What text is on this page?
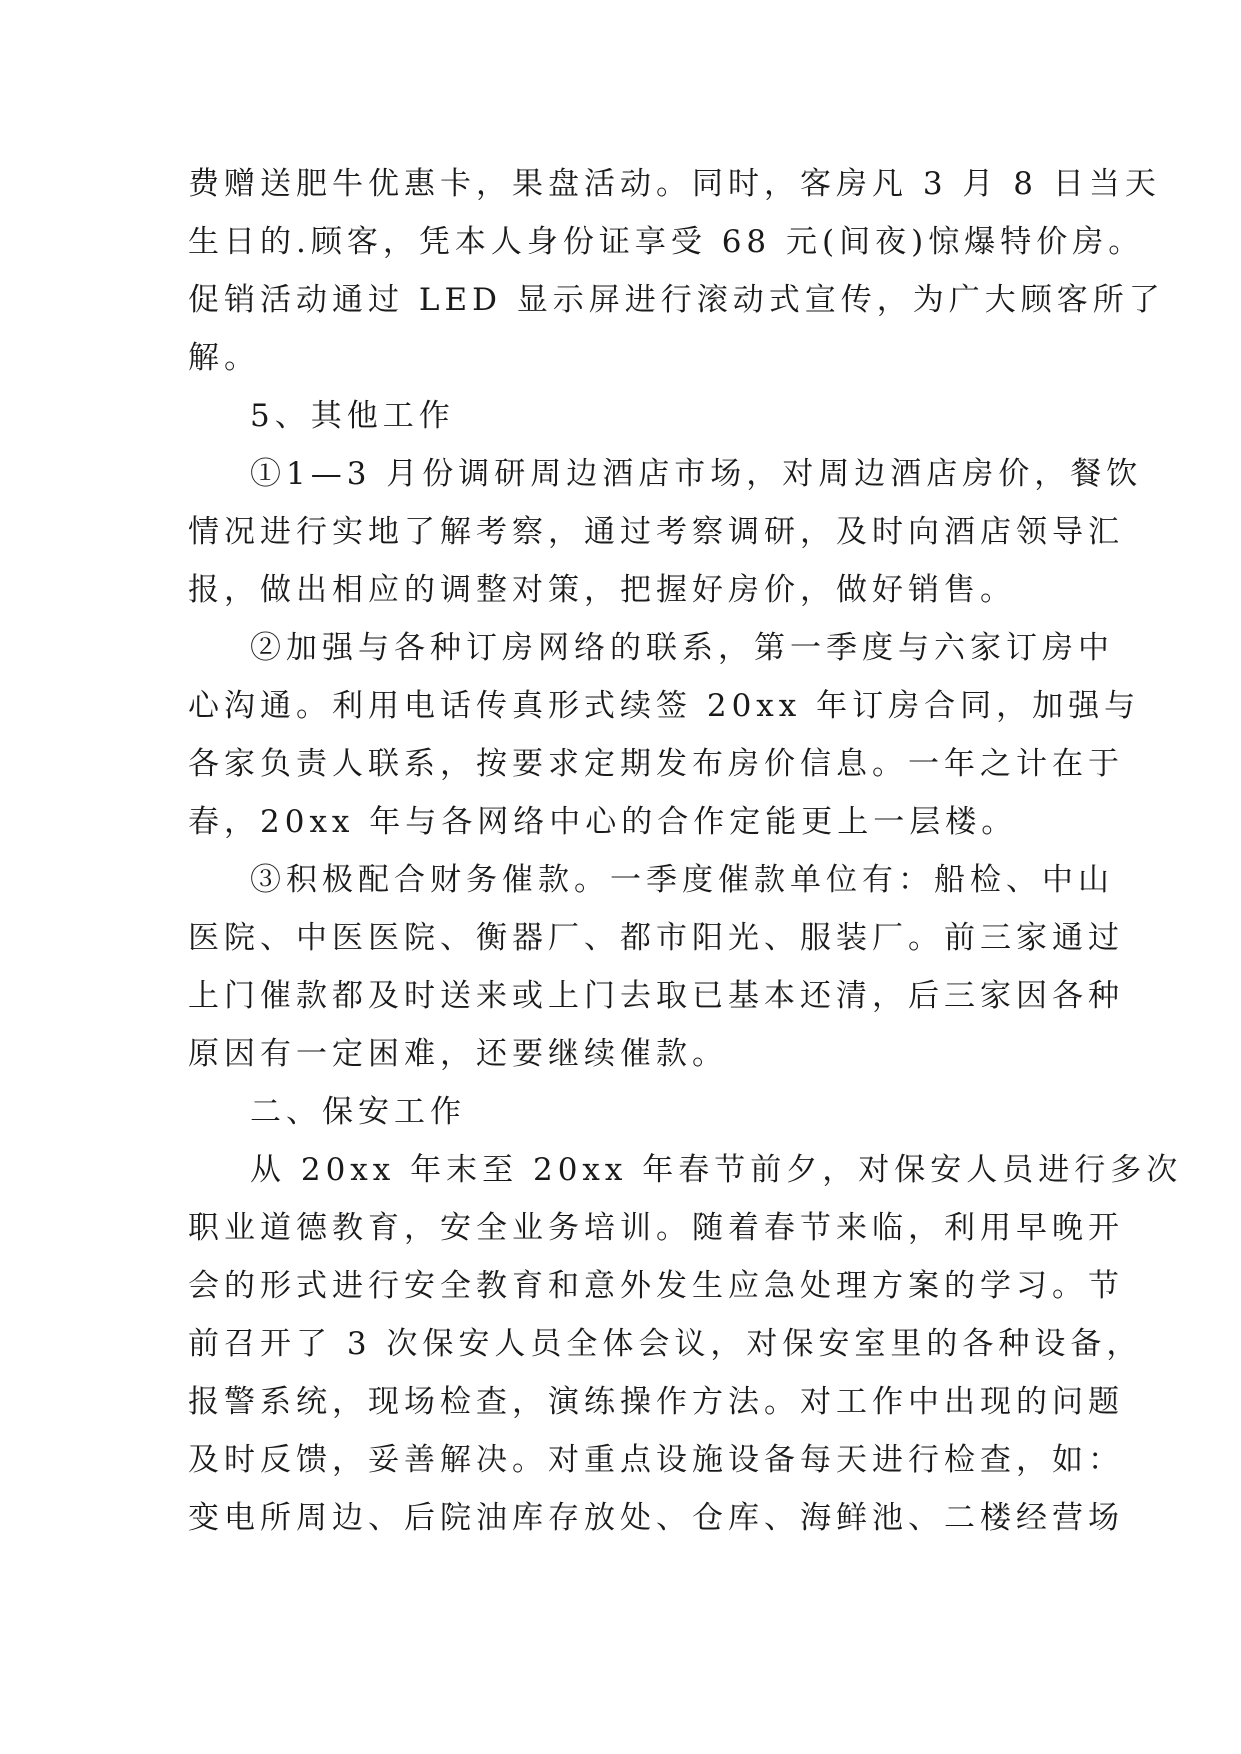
费赠送肥牛优惠卡，果盘活动。同时，客房凡 3 月 8 日当天
生日的.顾客，凭本人身份证享受 68 元(间夜)惊爆特价房。
促销活动通过 LED 显示屏进行滚动式宣传，为广大顾客所了
解。
5、其他工作
①1—3 月份调研周边酒店市场，对周边酒店房价，餐饮
情况进行实地了解考察，通过考察调研，及时向酒店领导汇
报，做出相应的调整对策，把握好房价，做好销售。
②加强与各种订房网络的联系，第一季度与六家订房中
心沟通。利用电话传真形式续签 20xx 年订房合同，加强与
各家负责人联系，按要求定期发布房价信息。一年之计在于
春，20xx 年与各网络中心的合作定能更上一层楼。
③积极配合财务催款。一季度催款单位有：船检、中山
医院、中医医院、衡器厂、都市阳光、服装厂。前三家通过
上门催款都及时送来或上门去取已基本还清，后三家因各种
原因有一定困难，还要继续催款。
二、保安工作
从 20xx 年末至 20xx 年春节前夕，对保安人员进行多次
职业道德教育，安全业务培训。随着春节来临，利用早晚开
会的形式进行安全教育和意外发生应急处理方案的学习。节
前召开了 3 次保安人员全体会议，对保安室里的各种设备，
报警系统，现场检查，演练操作方法。对工作中出现的问题
及时反馈，妥善解决。对重点设施设备每天进行检查，如：
变电所周边、后院油库存放处、仓库、海鲜池、二楼经营场
